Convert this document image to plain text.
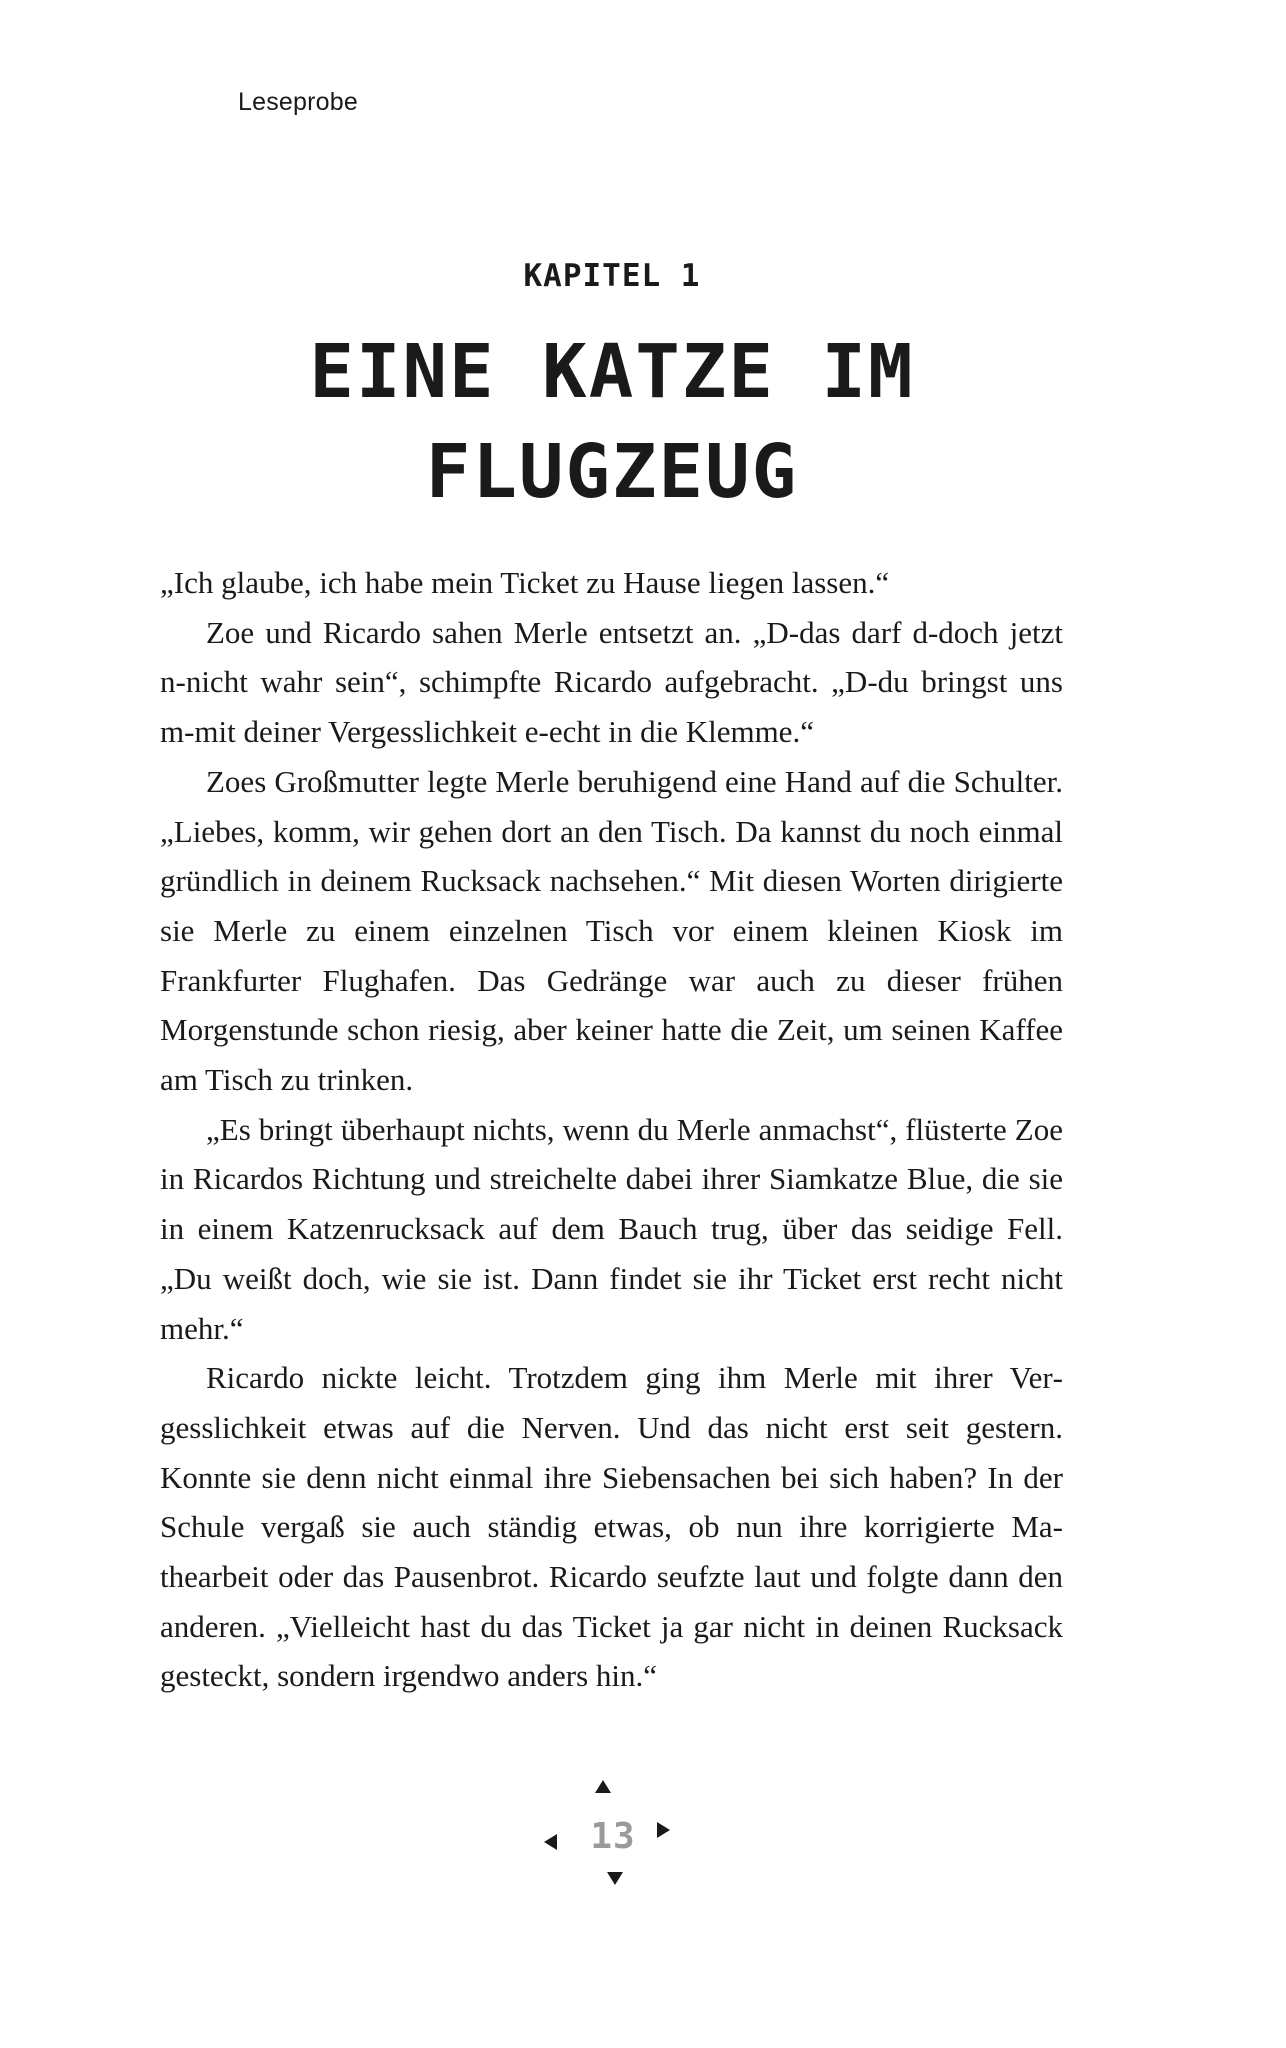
Leseprobe
KAPITEL 1
EINE KATZE IM
FLUGZEUG

„Ich glaube, ich habe mein Ticket zu Hause liegen lassen.“

Zoe und Ricardo sahen Merle entsetzt an. „D-das darf d-doch jetzt n-nicht wahr sein“, schimpfte Ricardo aufgebracht. „D-du bringst uns m-mit deiner Vergesslichkeit e-echt in die Klemme.“

Zoes Großmutter legte Merle beruhigend eine Hand auf die Schulter. „Liebes, komm, wir gehen dort an den Tisch. Da kannst du noch einmal gründlich in deinem Rucksack nachsehen.“ Mit diesen Worten dirigierte sie Merle zu einem einzelnen Tisch vor einem kleinen Kiosk im Frankfurter Flughafen. Das Gedränge war auch zu dieser frühen Morgenstunde schon riesig, aber keiner hatte die Zeit, um seinen Kaffee am Tisch zu trinken.

„Es bringt überhaupt nichts, wenn du Merle anmachst“, flüsterte Zoe in Ricardos Richtung und streichelte dabei ihrer Siamkatze Blue, die sie in einem Katzenrucksack auf dem Bauch trug, über das seidige Fell. „Du weißt doch, wie sie ist. Dann findet sie ihr Ticket erst recht nicht mehr.“

Ricardo nickte leicht. Trotzdem ging ihm Merle mit ihrer Vergesslichkeit etwas auf die Nerven. Und das nicht erst seit gestern. Konnte sie denn nicht einmal ihre Siebensachen bei sich haben? In der Schule vergaß sie auch ständig etwas, ob nun ihre korrigierte Mathearbeit oder das Pausenbrot. Ricardo seufzte laut und folgte dann den anderen. „Vielleicht hast du das Ticket ja gar nicht in deinen Rucksack gesteckt, sondern irgendwo anders hin.“

13
